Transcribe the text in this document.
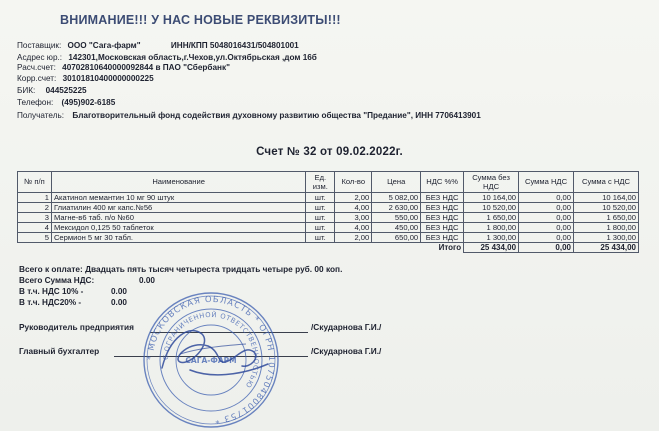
ВНИМАНИЕ!!! У НАС НОВЫЕ РЕКВИЗИТЫ!!!
Поставщик: ООО "Сага-фарм"	ИНН/КПП 5048016431/504801001
Асдрес юр.: 142301,Московская область,г.Чехов,ул.Октябрьская ,дом 16б
Расч.счет: 40702810640000092844 в ПАО "Сбербанк"
Корр.счет: 30101810400000000225
БИК: 044525225
Телефон: (495)902-6185
Получатель: Благотворительный фонд содействия духовному развитию общества "Предание", ИНН 7706413901
Счет № 32 от 09.02.2022г.
№ п/п	Наименование	Ед. изм.	Кол-во	Цена	НДС %%	Сумма без НДС	Сумма НДС	Сумма с НДС
1	Акатинол мемантин 10 мг 90 штук	шт.	2,00	5 082,00	БЕЗ НДС	10 164,00	0,00	10 164,00
2	Глиатилин 400 мг капс.№56	шт.	4,00	2 630,00	БЕЗ НДС	10 520,00	0,00	10 520,00
3	Магне-в6 таб. п/о №60	шт.	3,00	550,00	БЕЗ НДС	1 650,00	0,00	1 650,00
4	Мексидол 0,125 50 таблеток	шт.	4,00	450,00	БЕЗ НДС	1 800,00	0,00	1 800,00
5	Сермион 5 мг 30 табл.	шт.	2,00	650,00	БЕЗ НДС	1 300,00	0,00	1 300,00
					Итого	25 434,00	0,00	25 434,00
Всего к оплате: Двадцать пять тысяч четыреста тридцать четыре руб. 00 коп.
Всего Сумма НДС:	0.00
В т.ч. НДС 10% -	0.00
В т.ч. НДС20% -	0.00
Руководитель предприятия	/Скударнова Г.И./
Главный бухгалтер	/Скударнова Г.И./
* МОСКОВСКАЯ ОБЛАСТЬ * ОГРН 1075048001753 *
С ОГРАНИЧЕННОЙ ОТВЕТСТВЕННОСТЬЮ
САГА-ФАРМ
